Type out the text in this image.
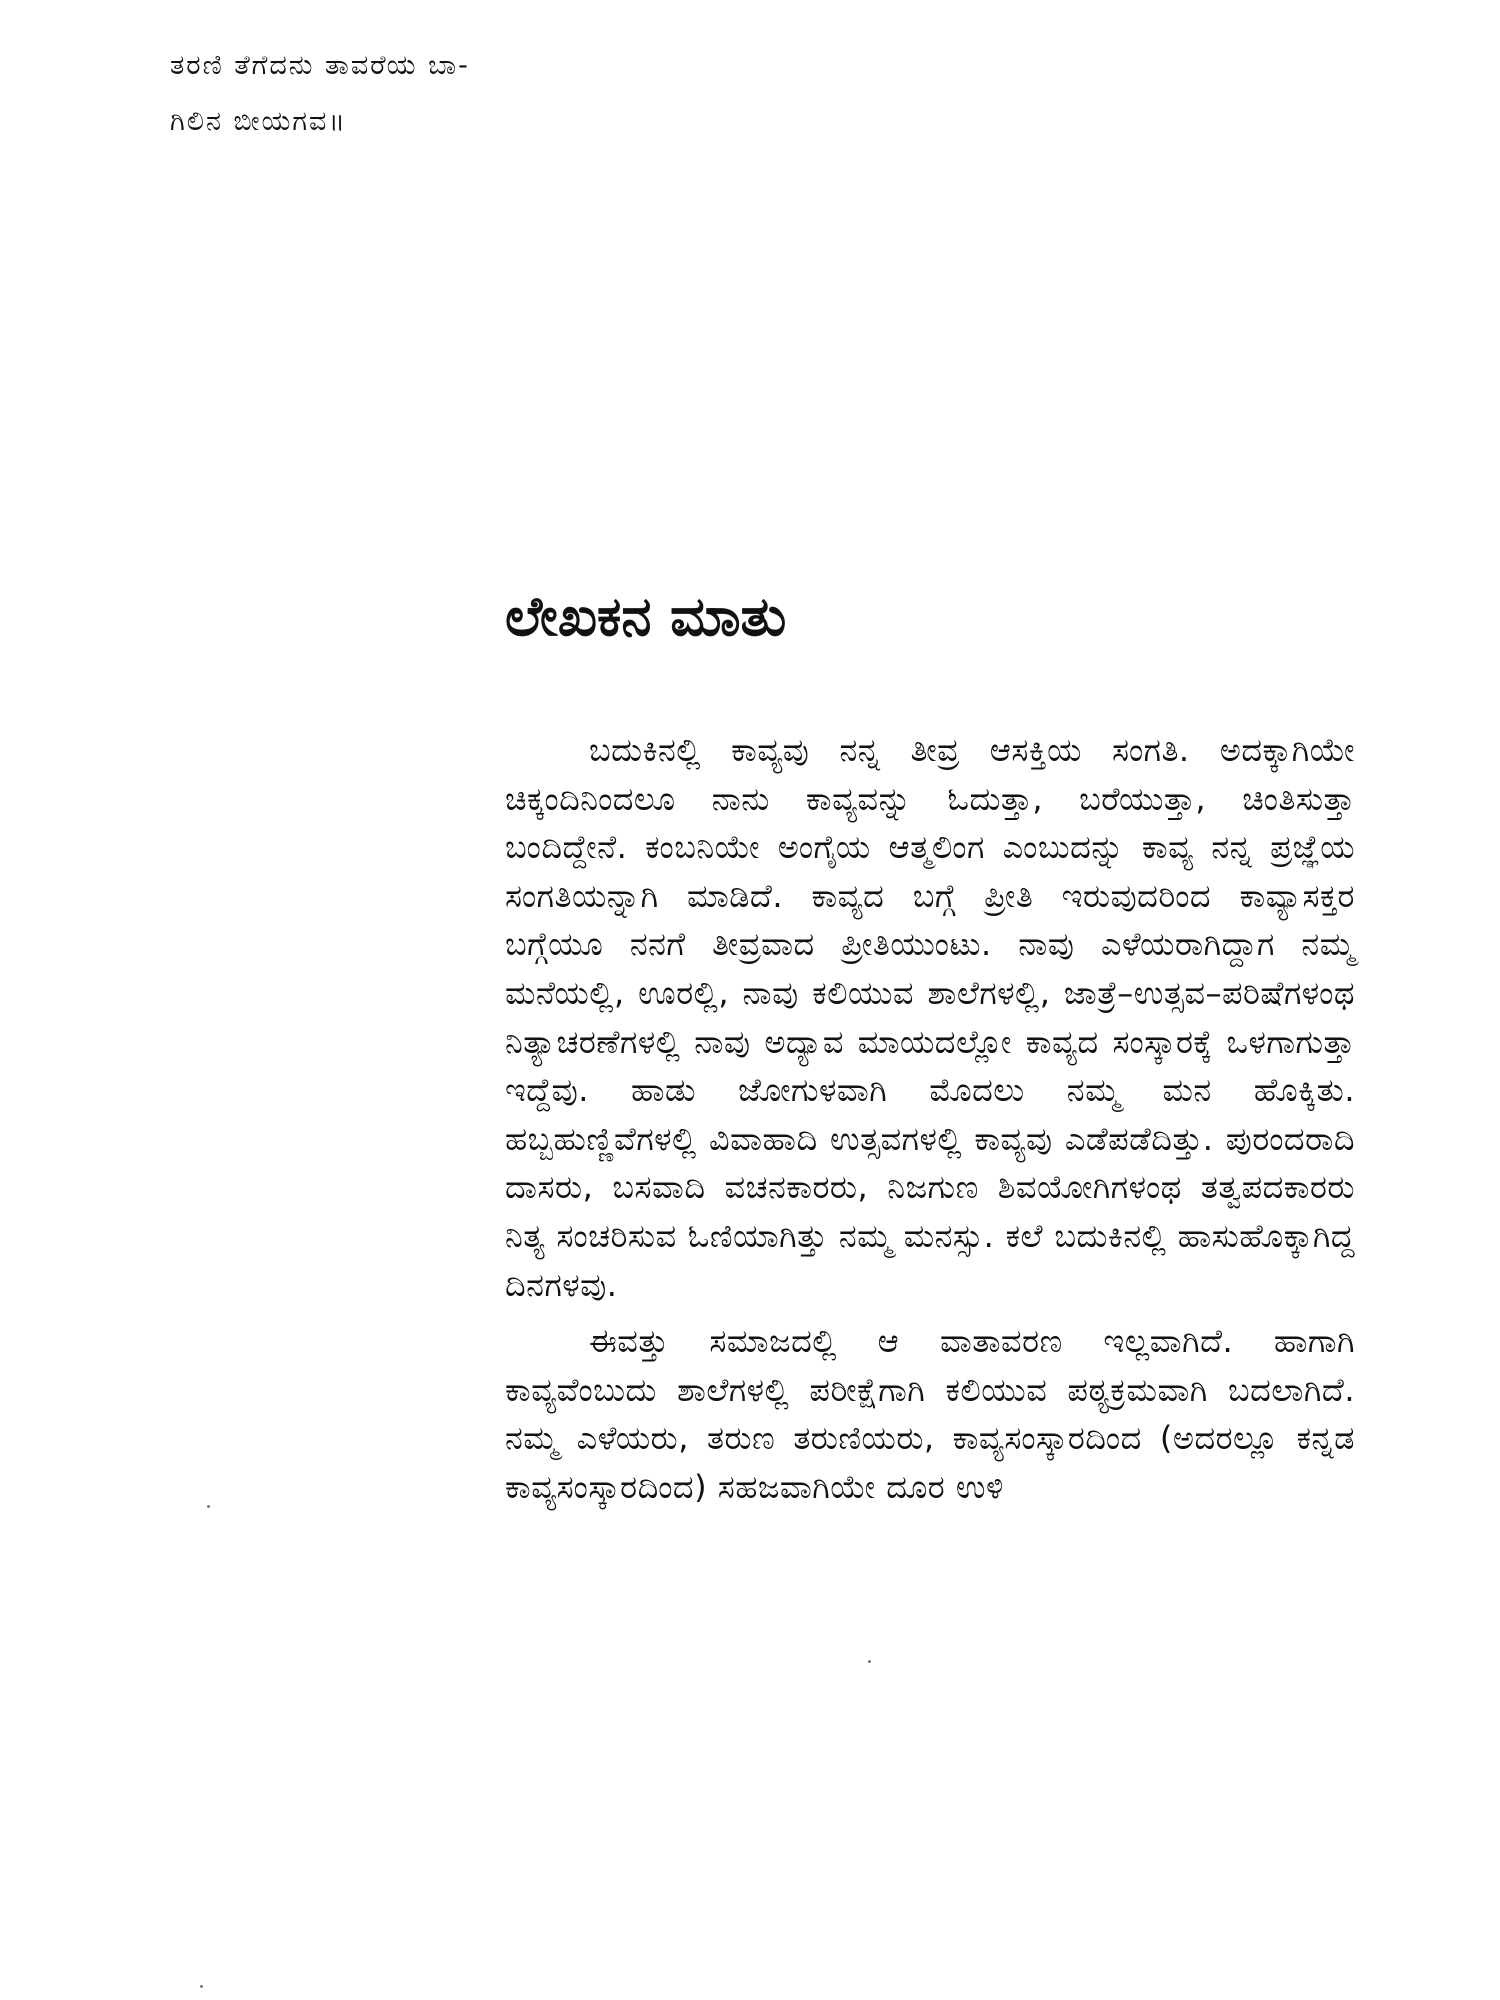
ತರಣಿ ತೆಗೆದನು ತಾವರೆಯ ಬಾ-
ಗಿಲಿನ ಬೀಯಗವ॥
ಲೇಖಕನ ಮಾತು

ಬದುಕಿನಲ್ಲಿ ಕಾವ್ಯವು ನನ್ನ ತೀವ್ರ ಆಸಕ್ತಿಯ ಸಂಗತಿ. ಅದಕ್ಕಾಗಿಯೇ ಚಿಕ್ಕಂದಿನಿಂದಲೂ ನಾನು ಕಾವ್ಯವನ್ನು ಓದುತ್ತಾ, ಬರೆಯುತ್ತಾ, ಚಿಂತಿಸುತ್ತಾ ಬಂದಿದ್ದೇನೆ. ಕಂಬನಿಯೇ ಅಂಗೈಯ ಆತ್ಮಲಿಂಗ ಎಂಬುದನ್ನು ಕಾವ್ಯ ನನ್ನ ಪ್ರಜ್ಞೆಯ ಸಂಗತಿಯನ್ನಾಗಿ ಮಾಡಿದೆ. ಕಾವ್ಯದ ಬಗ್ಗೆ ಪ್ರೀತಿ ಇರುವುದರಿಂದ ಕಾವ್ಯಾಸಕ್ತರ ಬಗ್ಗೆಯೂ ನನಗೆ ತೀವ್ರವಾದ ಪ್ರೀತಿಯುಂಟು. ನಾವು ಎಳೆಯರಾಗಿದ್ದಾಗ ನಮ್ಮ ಮನೆಯಲ್ಲಿ, ಊರಲ್ಲಿ, ನಾವು ಕಲಿಯುವ ಶಾಲೆಗಳಲ್ಲಿ, ಜಾತ್ರೆ–ಉತ್ಸವ–ಪರಿಷೆಗಳಂಥ ನಿತ್ಯಾಚರಣೆಗಳಲ್ಲಿ ನಾವು ಅದ್ಯಾವ ಮಾಯದಲ್ಲೋ ಕಾವ್ಯದ ಸಂಸ್ಕಾರಕ್ಕೆ ಒಳಗಾಗುತ್ತಾ ಇದ್ದೆವು. ಹಾಡು ಜೋಗುಳವಾಗಿ ಮೊದಲು ನಮ್ಮ ಮನ ಹೊಕ್ಕಿತು. ಹಬ್ಬಹುಣ್ಣಿವೆಗಳಲ್ಲಿ ವಿವಾಹಾದಿ ಉತ್ಸವಗಳಲ್ಲಿ ಕಾವ್ಯವು ಎಡೆಪಡೆದಿತ್ತು. ಪುರಂದರಾದಿ ದಾಸರು, ಬಸವಾದಿ ವಚನಕಾರರು, ನಿಜಗುಣ ಶಿವಯೋಗಿಗಳಂಥ ತತ್ವಪದಕಾರರು ನಿತ್ಯ ಸಂಚರಿಸುವ ಓಣಿಯಾಗಿತ್ತು ನಮ್ಮ ಮನಸ್ಸು. ಕಲೆ ಬದುಕಿನಲ್ಲಿ ಹಾಸುಹೊಕ್ಕಾಗಿದ್ದ ದಿನಗಳವು.

ಈವತ್ತು ಸಮಾಜದಲ್ಲಿ ಆ ವಾತಾವರಣ ಇಲ್ಲವಾಗಿದೆ. ಹಾಗಾಗಿ ಕಾವ್ಯವೆಂಬುದು ಶಾಲೆಗಳಲ್ಲಿ ಪರೀಕ್ಷೆಗಾಗಿ ಕಲಿಯುವ ಪಠ್ಯಕ್ರಮವಾಗಿ ಬದಲಾಗಿದೆ. ನಮ್ಮ ಎಳೆಯರು, ತರುಣ ತರುಣಿಯರು, ಕಾವ್ಯಸಂಸ್ಕಾರದಿಂದ (ಅದರಲ್ಲೂ ಕನ್ನಡ ಕಾವ್ಯಸಂಸ್ಕಾರದಿಂದ) ಸಹಜವಾಗಿಯೇ ದೂರ ಉಳಿ
